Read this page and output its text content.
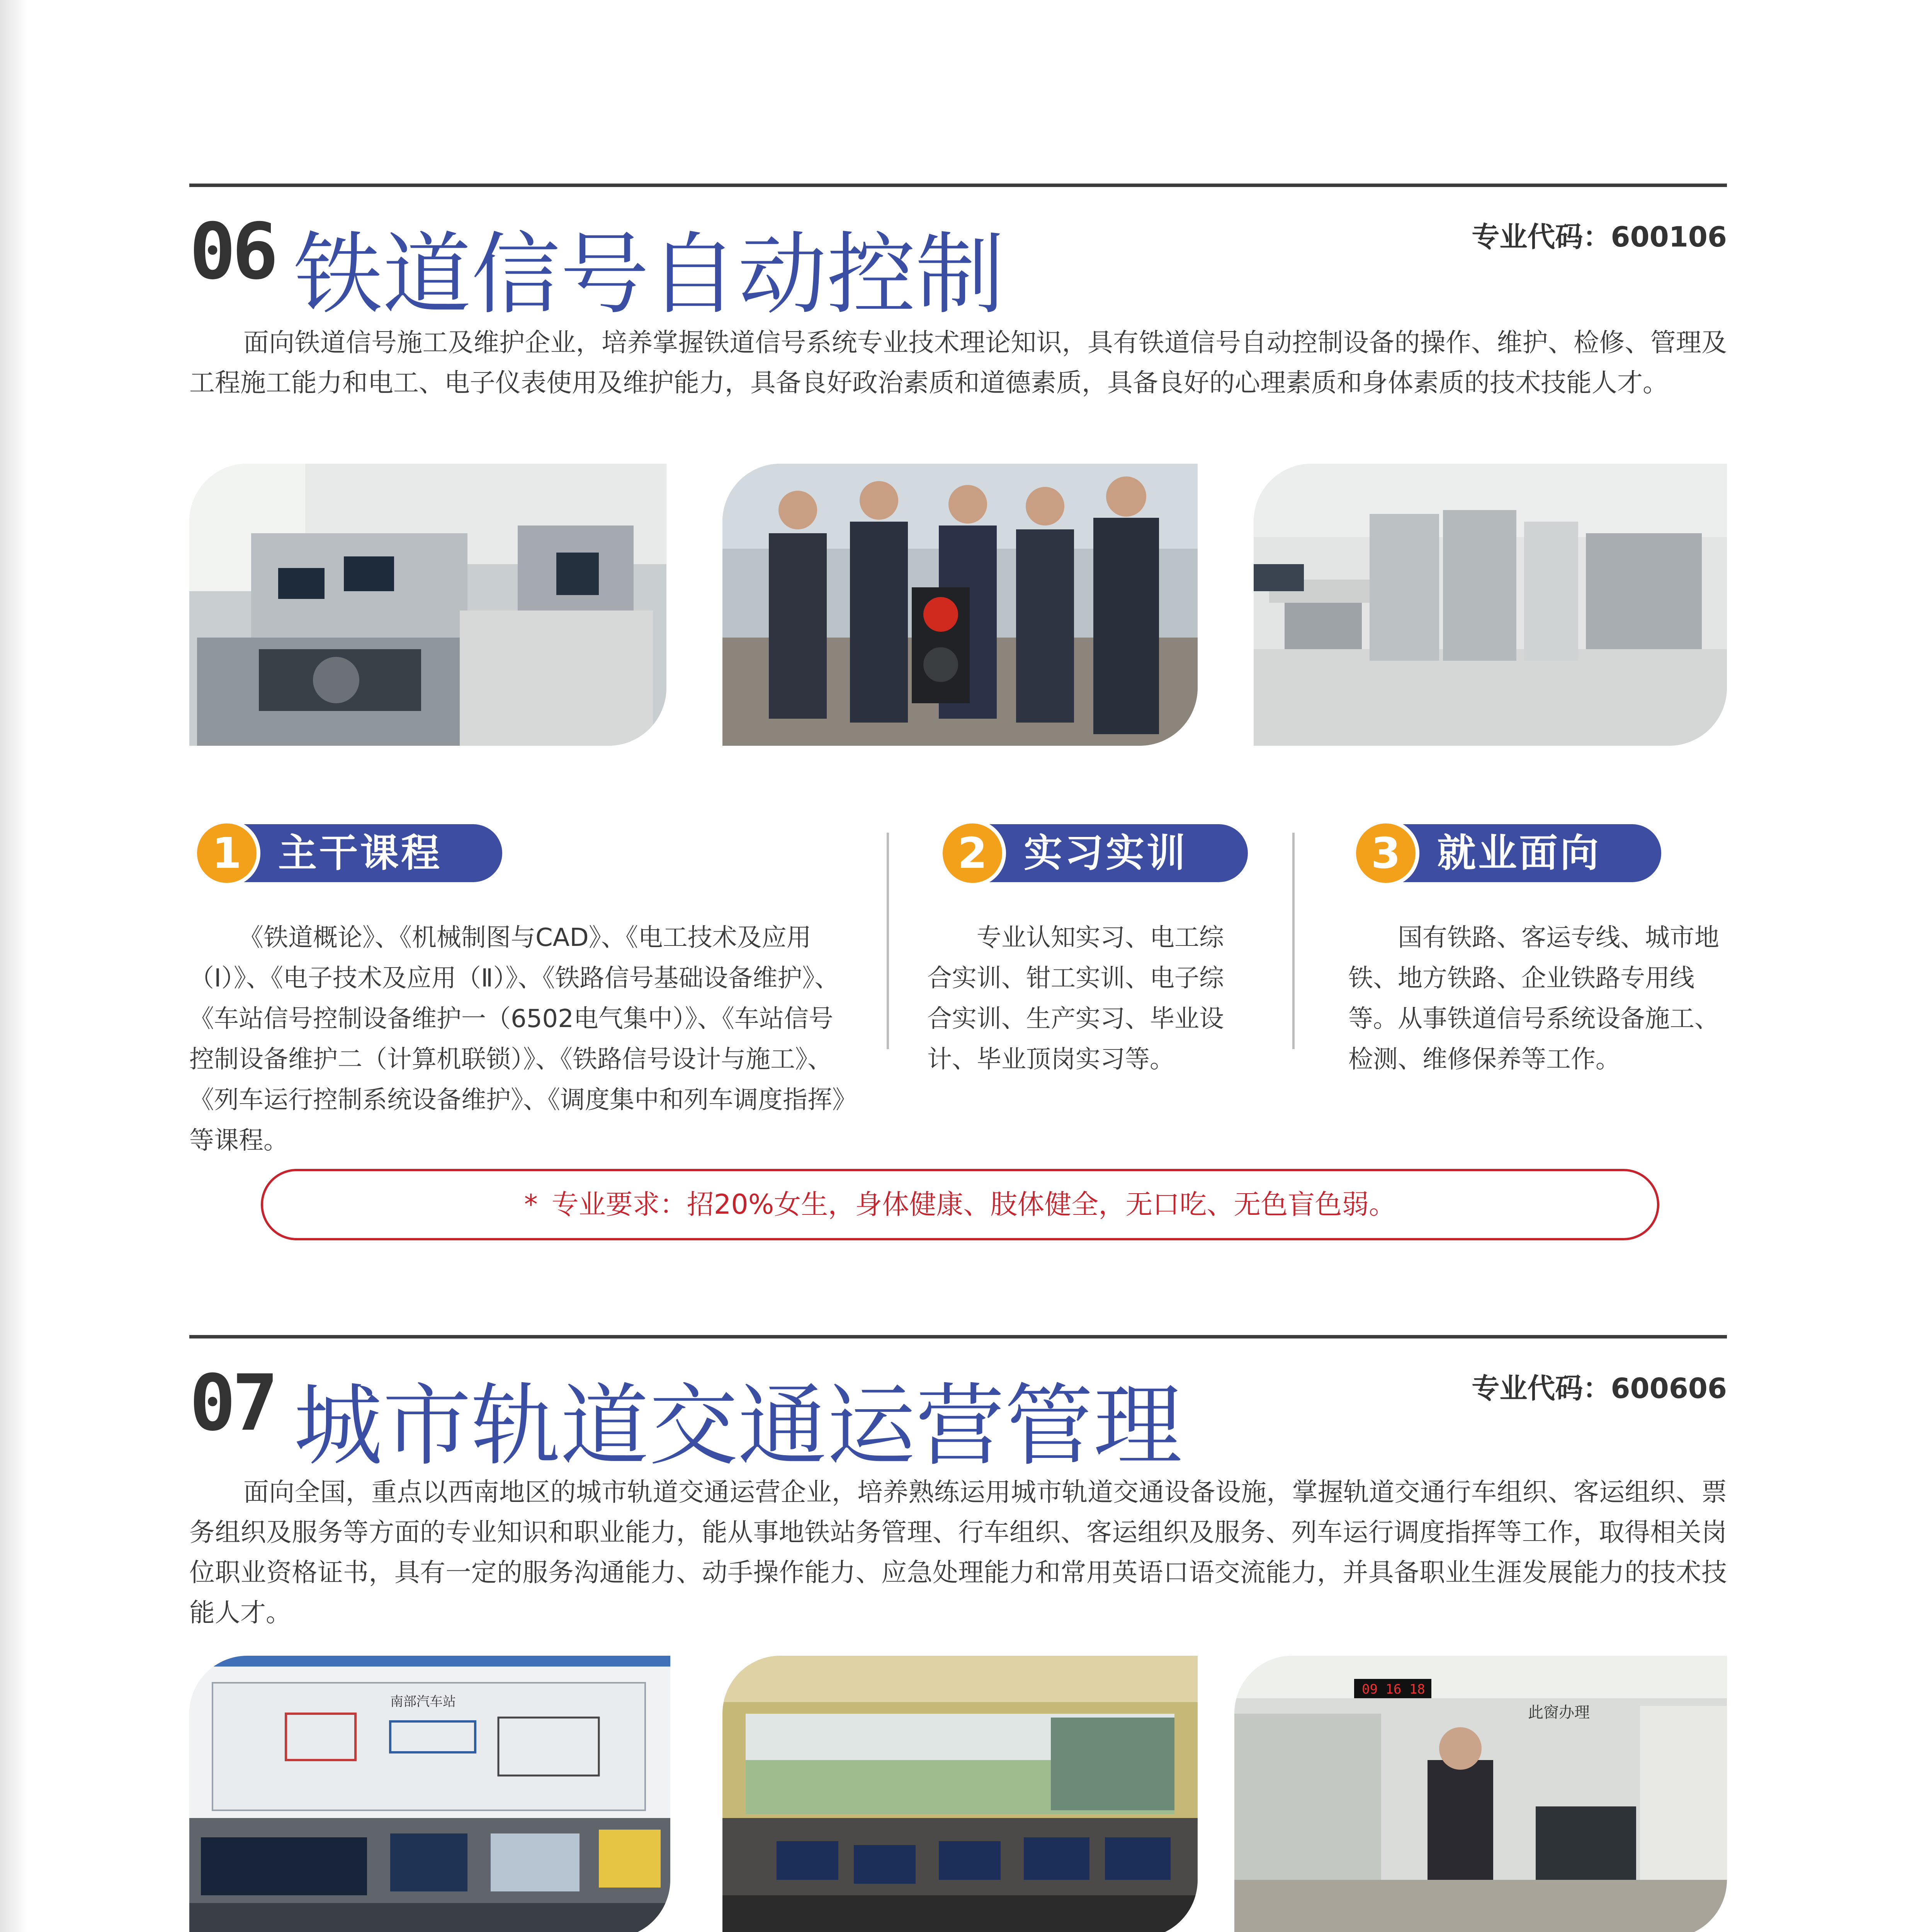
06 铁道信号自动控制	专业代码：600106
面向铁道信号施工及维护企业，培养掌握铁道信号系统专业技术理论知识，具有铁道信号自动控制设备的操作、维护、检修、管理及工程施工能力和电工、电子仪表使用及维护能力，具备良好政治素质和道德素质，具备良好的心理素质和身体素质的技术技能人才。
1 主干课程
《铁道概论》、《机械制图与CAD》、《电工技术及应用（Ⅰ）》、《电子技术及应用（Ⅱ）》、《铁路信号基础设备维护》、《车站信号控制设备维护一（6502电气集中）》、《车站信号控制设备维护二（计算机联锁）》、《铁路信号设计与施工》、《列车运行控制系统设备维护》、《调度集中和列车调度指挥》等课程。
2 实习实训
专业认知实习、电工综合实训、钳工实训、电子综合实训、生产实习、毕业设计、毕业顶岗实习等。
3 就业面向
国有铁路、客运专线、城市地铁、地方铁路、企业铁路专用线等。从事铁道信号系统设备施工、检测、维修保养等工作。
* 专业要求：招20%女生，身体健康、肢体健全，无口吃、无色盲色弱。
07 城市轨道交通运营管理	专业代码：600606
面向全国，重点以西南地区的城市轨道交通运营企业，培养熟练运用城市轨道交通设备设施，掌握轨道交通行车组织、客运组织、票务组织及服务等方面的专业知识和职业能力，能从事地铁站务管理、行车组织、客运组织及服务、列车运行调度指挥等工作，取得相关岗位职业资格证书，具有一定的服务沟通能力、动手操作能力、应急处理能力和常用英语口语交流能力，并具备职业生涯发展能力的技术技能人才。
南部汽车站
09 16 18
此窗办理
